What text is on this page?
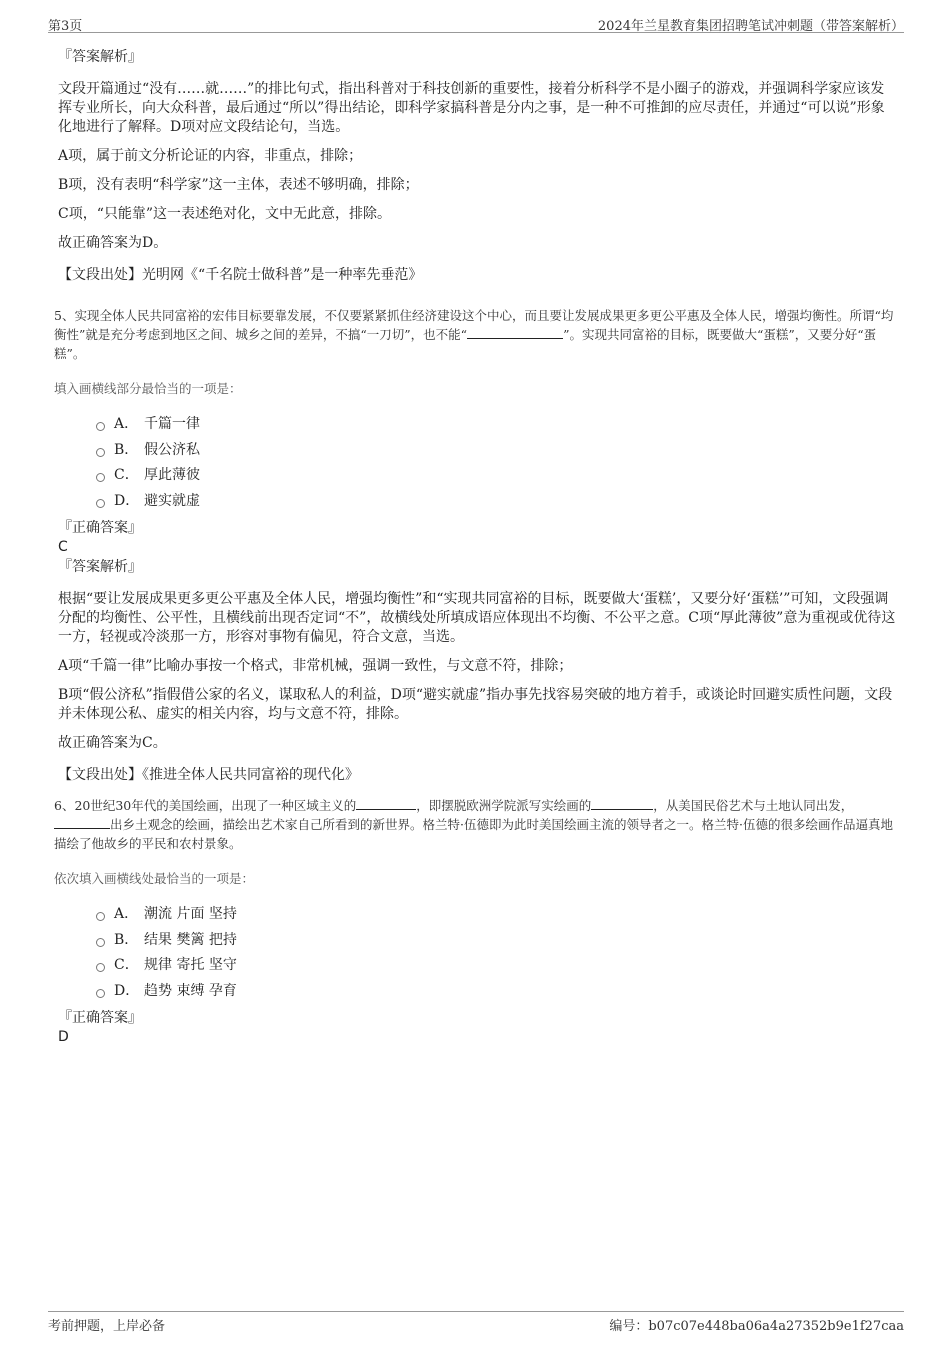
第3页	2024年兰星教育集团招聘笔试冲刺题（带答案解析）

『答案解析』

文段开篇通过“没有……就……”的排比句式，指出科普对于科技创新的重要性，接着分析科学不是小圈子的游戏，并强调科学家应该发挥专业所长，向大众科普，最后通过“所以”得出结论，即科学家搞科普是分内之事，是一种不可推卸的应尽责任，并通过“可以说”形象化地进行了解释。D项对应文段结论句，当选。

A项，属于前文分析论证的内容，非重点，排除；

B项，没有表明“科学家”这一主体，表述不够明确，排除；

C项，“只能靠”这一表述绝对化，文中无此意，排除。

故正确答案为D。

【文段出处】光明网《“千名院士做科普”是一种率先垂范》

5、实现全体人民共同富裕的宏伟目标要靠发展，不仅要紧紧抓住经济建设这个中心，而且要让发展成果更多更公平惠及全体人民，增强均衡性。所谓“均衡性”就是充分考虑到地区之间、城乡之间的差异，不搞“一刀切”，也不能“	”。实现共同富裕的目标，既要做大“蛋糕”，又要分好“蛋糕”。

填入画横线部分最恰当的一项是：

A． 千篇一律
B． 假公济私
C． 厚此薄彼
D． 避实就虚

『正确答案』

C

『答案解析』

根据“要让发展成果更多更公平惠及全体人民，增强均衡性”和“实现共同富裕的目标，既要做大‘蛋糕’，又要分好‘蛋糕’”可知，文段强调分配的均衡性、公平性，且横线前出现否定词“不”，故横线处所填成语应体现出不均衡、不公平之意。C项“厚此薄彼”意为重视或优待这一方，轻视或冷淡那一方，形容对事物有偏见，符合文意，当选。

A项“千篇一律”比喻办事按一个格式，非常机械，强调一致性，与文意不符，排除；

B项“假公济私”指假借公家的名义，谋取私人的利益，D项“避实就虚”指办事先找容易突破的地方着手，或谈论时回避实质性问题，文段并未体现公私、虚实的相关内容，均与文意不符，排除。

故正确答案为C。

【文段出处】《推进全体人民共同富裕的现代化》

6、20世纪30年代的美国绘画，出现了一种区域主义的	，即摆脱欧洲学院派写实绘画的	，从美国民俗艺术与土地认同出发，出乡土观念的绘画，描绘出艺术家自己所看到的新世界。格兰特·伍德即为此时美国绘画主流的领导者之一。格兰特·伍德的很多绘画作品逼真地描绘了他故乡的平民和农村景象。

依次填入画横线处最恰当的一项是：

A． 潮流 片面 坚持
B． 结果 樊篱 把持
C． 规律 寄托 坚守
D． 趋势 束缚 孕育

『正确答案』

D

考前押题，上岸必备	编号：b07c07e448ba06a4a27352b9e1f27caa
